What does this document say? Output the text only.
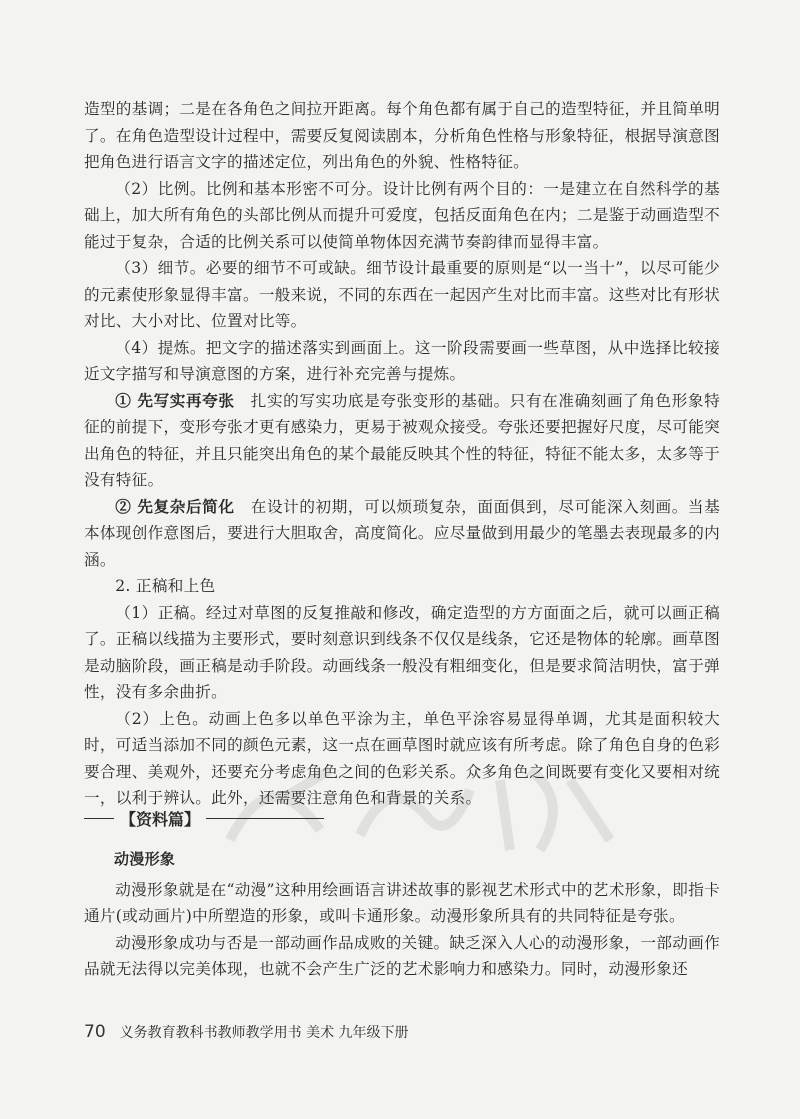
造型的基调；二是在各角色之间拉开距离。每个角色都有属于自己的造型特征，并且简单明了。在角色造型设计过程中，需要反复阅读剧本，分析角色性格与形象特征，根据导演意图把角色进行语言文字的描述定位，列出角色的外貌、性格特征。

（2）比例。比例和基本形密不可分。设计比例有两个目的：一是建立在自然科学的基础上，加大所有角色的头部比例从而提升可爱度，包括反面角色在内；二是鉴于动画造型不能过于复杂，合适的比例关系可以使简单物体因充满节奏韵律而显得丰富。

（3）细节。必要的细节不可或缺。细节设计最重要的原则是“以一当十”，以尽可能少的元素使形象显得丰富。一般来说，不同的东西在一起因产生对比而丰富。这些对比有形状对比、大小对比、位置对比等。

（4）提炼。把文字的描述落实到画面上。这一阶段需要画一些草图，从中选择比较接近文字描写和导演意图的方案，进行补充完善与提炼。

① 先写实再夸张　扎实的写实功底是夸张变形的基础。只有在准确刻画了角色形象特征的前提下，变形夸张才更有感染力，更易于被观众接受。夸张还要把握好尺度，尽可能突出角色的特征，并且只能突出角色的某个最能反映其个性的特征，特征不能太多，太多等于没有特征。

② 先复杂后简化　在设计的初期，可以烦琐复杂，面面俱到，尽可能深入刻画。当基本体现创作意图后，要进行大胆取舍，高度简化。应尽量做到用最少的笔墨去表现最多的内涵。

2. 正稿和上色

（1）正稿。经过对草图的反复推敲和修改，确定造型的方方面面之后，就可以画正稿了。正稿以线描为主要形式，要时刻意识到线条不仅仅是线条，它还是物体的轮廓。画草图是动脑阶段，画正稿是动手阶段。动画线条一般没有粗细变化，但是要求简洁明快，富于弹性，没有多余曲折。

（2）上色。动画上色多以单色平涂为主，单色平涂容易显得单调，尤其是面积较大时，可适当添加不同的颜色元素，这一点在画草图时就应该有所考虑。除了角色自身的色彩要合理、美观外，还要充分考虑角色之间的色彩关系。众多角色之间既要有变化又要相对统一，以利于辨认。此外，还需要注意角色和背景的关系。

【资料篇】

动漫形象

动漫形象就是在“动漫”这种用绘画语言讲述故事的影视艺术形式中的艺术形象，即指卡通片(或动画片)中所塑造的形象，或叫卡通形象。动漫形象所具有的共同特征是夸张。

动漫形象成功与否是一部动画作品成败的关键。缺乏深入人心的动漫形象，一部动画作品就无法得以完美体现，也就不会产生广泛的艺术影响力和感染力。同时，动漫形象还

70 义务教育教科书教师教学用书 美术 九年级下册
